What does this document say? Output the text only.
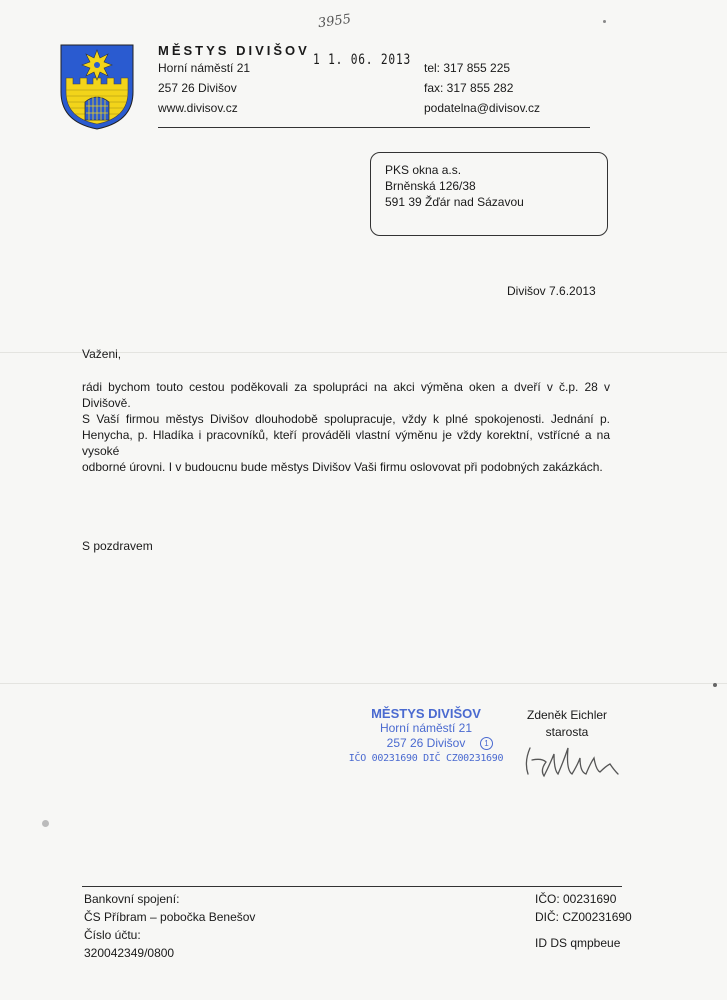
3955
MĚSTYS DIVIŠOV
Horní náměstí 21
257 26 Divišov
www.divisov.cz
1 1. 06. 2013 tel: 317 855 225
fax: 317 855 282
podatelna@divisov.cz
PKS okna a.s.
Brněnská 126/38
591 39 Žďár nad Sázavou
Divišov 7.6.2013
Važeni,
rádi bychom touto cestou poděkovali za spolupráci na akci výměna oken a dveří v č.p. 28 v Divišově.
S Vaší firmou městys Divišov dlouhodobě spolupracuje, vždy k plné spokojenosti. Jednání p.
Henycha, p. Hladíka i pracovníků, kteří prováděli vlastní výměnu je vždy korektní, vstřícné a na vysoké
odborné úrovni. I v budoucnu bude městys Divišov Vaši firmu oslovovat při podobných zakázkách.
S pozdravem
MĚSTYS DIVIŠOV
Horní náměstí 21
257 26 Divišov
IČO 00231690 DIČ CZ00231690
1
Zdeněk Eichler
starosta
Bankovní spojení:
ČS Příbram – pobočka Benešov
Číslo účtu:
320042349/0800
IČO: 00231690
DIČ: CZ00231690
ID DS qmpbeue
